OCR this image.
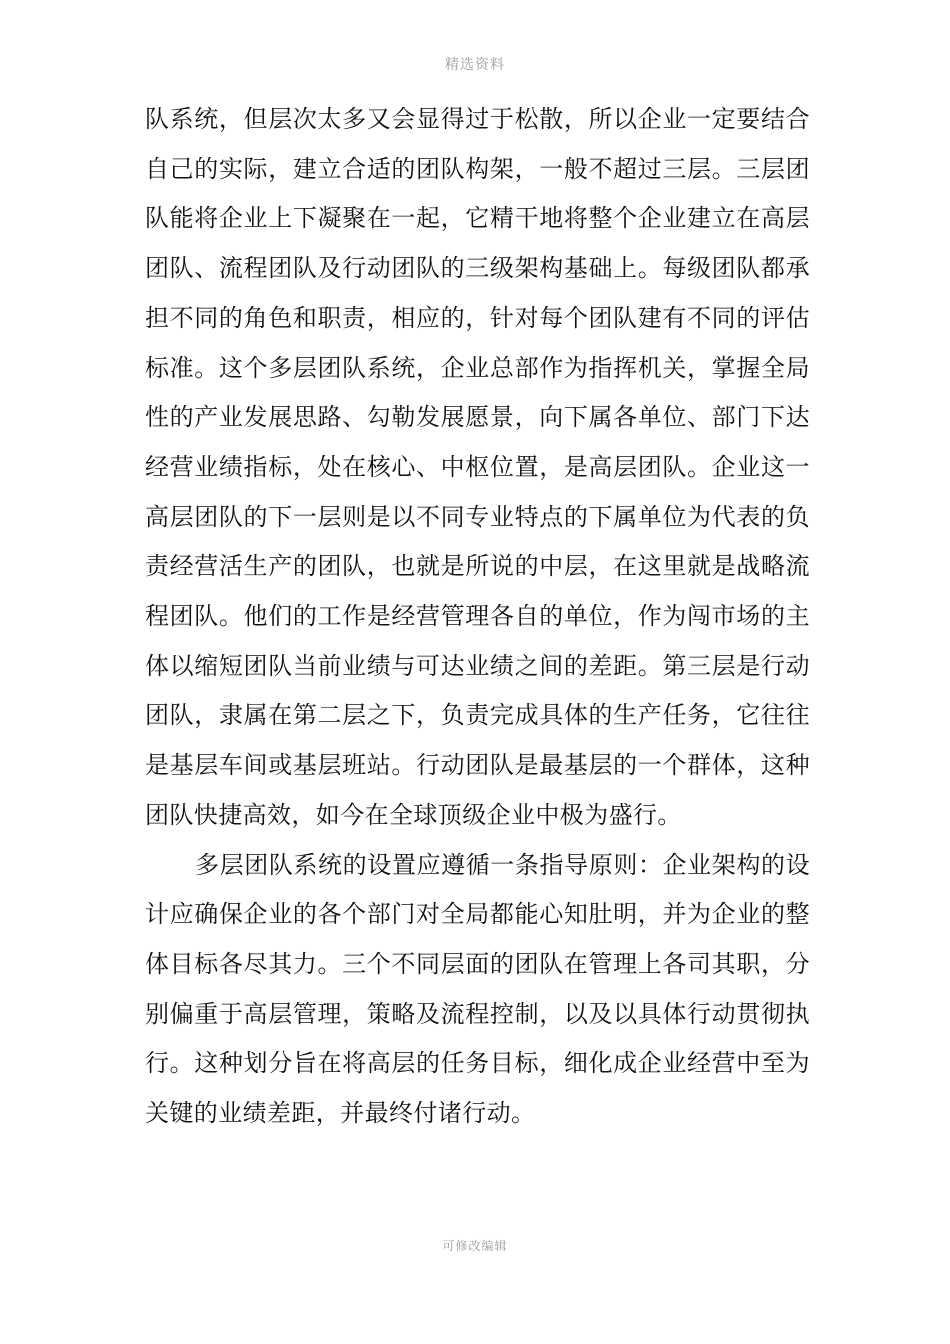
精选资料

队系统，但层次太多又会显得过于松散，所以企业一定要结合自己的实际，建立合适的团队构架，一般不超过三层。三层团队能将企业上下凝聚在一起，它精干地将整个企业建立在高层团队、流程团队及行动团队的三级架构基础上。每级团队都承担不同的角色和职责，相应的，针对每个团队建有不同的评估标准。这个多层团队系统，企业总部作为指挥机关，掌握全局性的产业发展思路、勾勒发展愿景，向下属各单位、部门下达经营业绩指标，处在核心、中枢位置，是高层团队。企业这一高层团队的下一层则是以不同专业特点的下属单位为代表的负责经营活生产的团队，也就是所说的中层，在这里就是战略流程团队。他们的工作是经营管理各自的单位，作为闯市场的主体以缩短团队当前业绩与可达业绩之间的差距。第三层是行动团队，隶属在第二层之下，负责完成具体的生产任务，它往往是基层车间或基层班站。行动团队是最基层的一个群体，这种团队快捷高效，如今在全球顶级企业中极为盛行。

多层团队系统的设置应遵循一条指导原则：企业架构的设计应确保企业的各个部门对全局都能心知肚明，并为企业的整体目标各尽其力。三个不同层面的团队在管理上各司其职，分别偏重于高层管理，策略及流程控制，以及以具体行动贯彻执行。这种划分旨在将高层的任务目标，细化成企业经营中至为关键的业绩差距，并最终付诸行动。

可修改编辑
